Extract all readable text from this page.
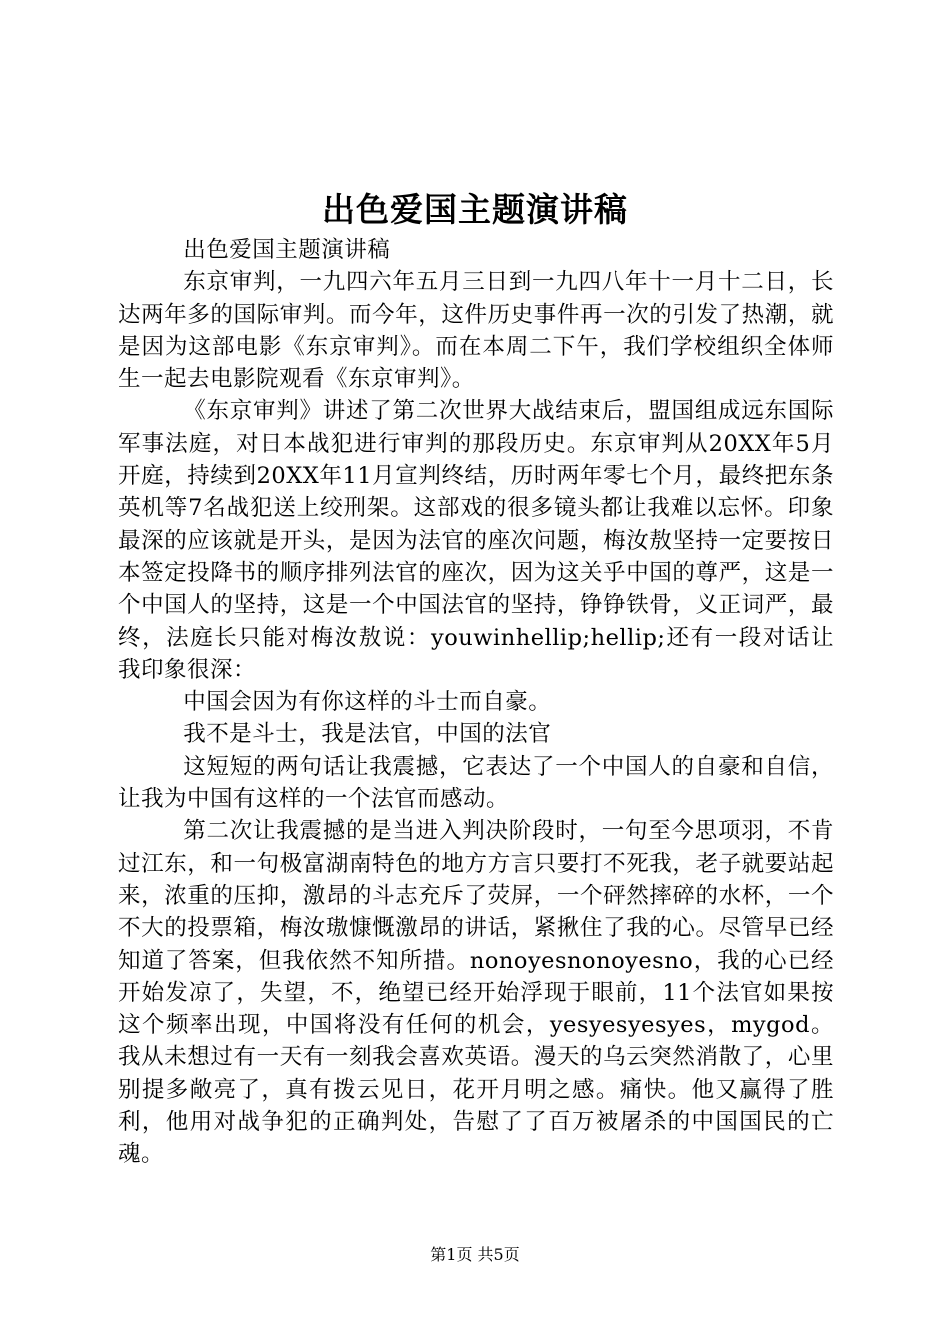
出色爱国主题演讲稿

出色爱国主题演讲稿

东京审判，一九四六年五月三日到一九四八年十一月十二日，长达两年多的国际审判。而今年，这件历史事件再一次的引发了热潮，就是因为这部电影《东京审判》。而在本周二下午，我们学校组织全体师生一起去电影院观看《东京审判》。

《东京审判》讲述了第二次世界大战结束后，盟国组成远东国际军事法庭，对日本战犯进行审判的那段历史。东京审判从20XX年5月开庭，持续到20XX年11月宣判终结，历时两年零七个月，最终把东条英机等7名战犯送上绞刑架。这部戏的很多镜头都让我难以忘怀。印象最深的应该就是开头，是因为法官的座次问题，梅汝敖坚持一定要按日本签定投降书的顺序排列法官的座次，因为这关乎中国的尊严，这是一个中国人的坚持，这是一个中国法官的坚持，铮铮铁骨，义正词严，最终，法庭长只能对梅汝敖说：youwinhellip;hellip;还有一段对话让我印象很深：

中国会因为有你这样的斗士而自豪。

我不是斗士，我是法官，中国的法官

这短短的两句话让我震撼，它表达了一个中国人的自豪和自信，让我为中国有这样的一个法官而感动。

第二次让我震撼的是当进入判决阶段时，一句至今思项羽，不肯过江东，和一句极富湖南特色的地方方言只要打不死我，老子就要站起来，浓重的压抑，激昂的斗志充斥了荧屏，一个砰然摔碎的水杯，一个不大的投票箱，梅汝璈慷慨激昂的讲话，紧揪住了我的心。尽管早已经知道了答案，但我依然不知所措。nonoyesnonoyesno，我的心已经开始发凉了，失望，不，绝望已经开始浮现于眼前，11个法官如果按这个频率出现，中国将没有任何的机会，yesyesyesyes，mygod。我从未想过有一天有一刻我会喜欢英语。漫天的乌云突然消散了，心里别提多敞亮了，真有拨云见日，花开月明之感。痛快。他又赢得了胜利，他用对战争犯的正确判处，告慰了了百万被屠杀的中国国民的亡魂。

第1页 共5页
